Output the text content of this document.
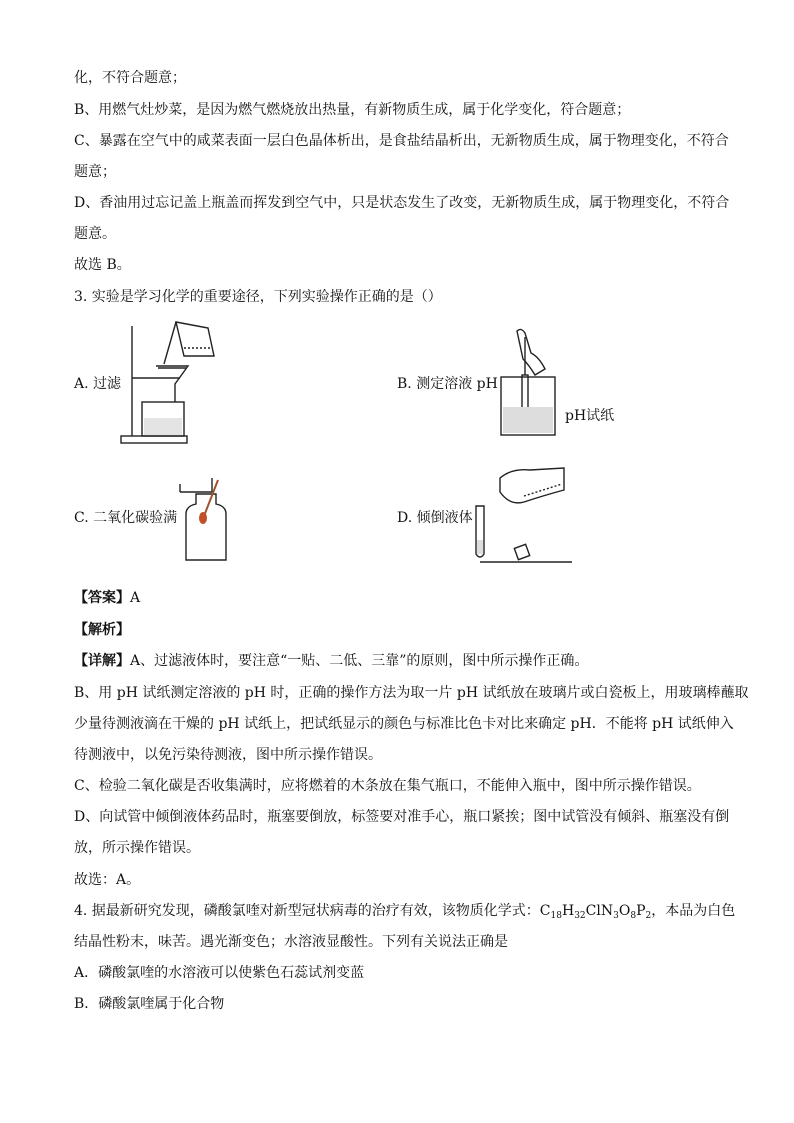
化，不符合题意；
B、用燃气灶炒菜，是因为燃气燃烧放出热量，有新物质生成，属于化学变化，符合题意；
C、暴露在空气中的咸菜表面一层白色晶体析出，是食盐结晶析出，无新物质生成，属于物理变化，不符合
题意；
D、香油用过忘记盖上瓶盖而挥发到空气中，只是状态发生了改变，无新物质生成，属于物理变化，不符合
题意。
故选 B。
3. 实验是学习化学的重要途径，下列实验操作正确的是（）
A. 过滤	B. 测定溶液 pH
pH试纸
C. 二氧化碳验满	D. 倾倒液体
【答案】A
【解析】
【详解】A、过滤液体时，要注意“一贴、二低、三靠”的原则，图中所示操作正确。
B、用 pH 试纸测定溶液的 pH 时，正确的操作方法为取一片 pH 试纸放在玻璃片或白瓷板上，用玻璃棒蘸取
少量待测液滴在干燥的 pH 试纸上，把试纸显示的颜色与标准比色卡对比来确定 pH．不能将 pH 试纸伸入
待测液中，以免污染待测液，图中所示操作错误。
C、检验二氧化碳是否收集满时，应将燃着的木条放在集气瓶口，不能伸入瓶中，图中所示操作错误。
D、向试管中倾倒液体药品时，瓶塞要倒放，标签要对准手心，瓶口紧挨；图中试管没有倾斜、瓶塞没有倒
放，所示操作错误。
故选：A。
4. 据最新研究发现，磷酸氯喹对新型冠状病毒的治疗有效，该物质化学式：$C_{18}H_{32}ClN_3O_8P_2$，本品为白色
结晶性粉末，味苦。遇光渐变色；水溶液显酸性。下列有关说法正确是
A．磷酸氯喹的水溶液可以使紫色石蕊试剂变蓝
B．磷酸氯喹属于化合物
